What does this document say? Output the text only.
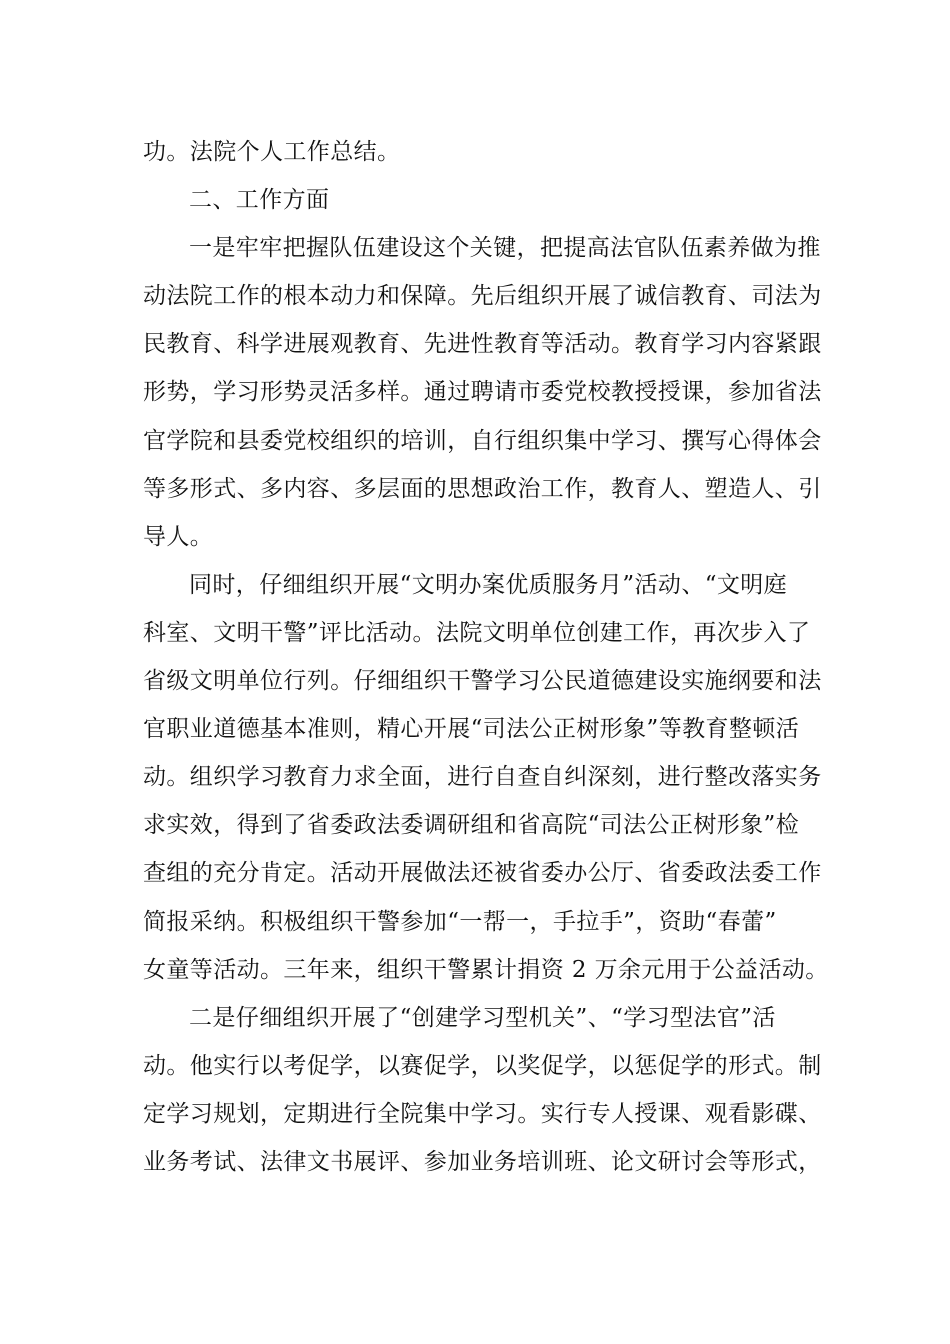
功。法院个人工作总结。
二、工作方面
一是牢牢把握队伍建设这个关键，把提高法官队伍素养做为推
动法院工作的根本动力和保障。先后组织开展了诚信教育、司法为
民教育、科学进展观教育、先进性教育等活动。教育学习内容紧跟
形势，学习形势灵活多样。通过聘请市委党校教授授课，参加省法
官学院和县委党校组织的培训，自行组织集中学习、撰写心得体会
等多形式、多内容、多层面的思想政治工作，教育人、塑造人、引
导人。
同时，仔细组织开展“文明办案优质服务月”活动、“文明庭
科室、文明干警”评比活动。法院文明单位创建工作，再次步入了
省级文明单位行列。仔细组织干警学习公民道德建设实施纲要和法
官职业道德基本准则，精心开展“司法公正树形象”等教育整顿活
动。组织学习教育力求全面，进行自查自纠深刻，进行整改落实务
求实效，得到了省委政法委调研组和省高院“司法公正树形象”检
查组的充分肯定。活动开展做法还被省委办公厅、省委政法委工作
简报采纳。积极组织干警参加“一帮一，手拉手”，资助“春蕾”
女童等活动。三年来，组织干警累计捐资 2 万余元用于公益活动。
二是仔细组织开展了“创建学习型机关”、“学习型法官”活
动。他实行以考促学，以赛促学，以奖促学，以惩促学的形式。制
定学习规划，定期进行全院集中学习。实行专人授课、观看影碟、
业务考试、法律文书展评、参加业务培训班、论文研讨会等形式，
